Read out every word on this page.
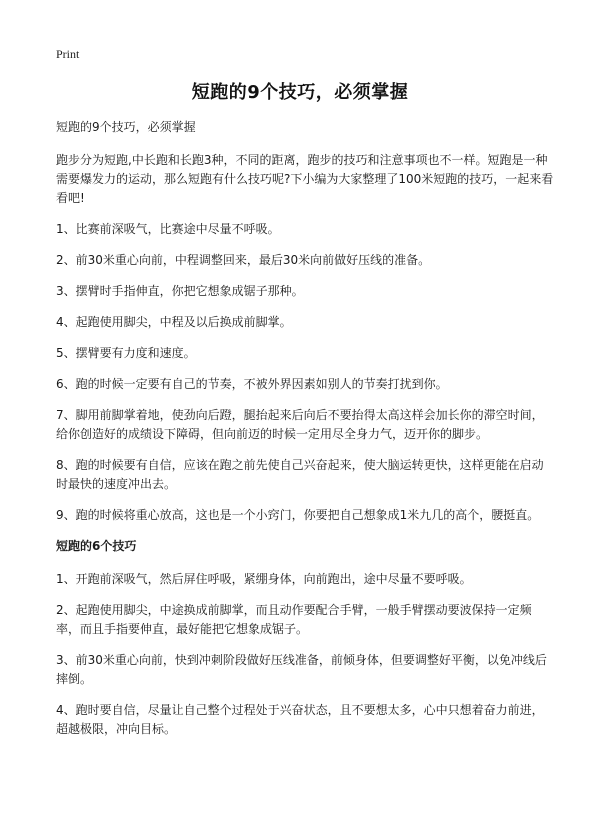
Print
短跑的9个技巧，必须掌握

短跑的9个技巧，必须掌握

跑步分为短跑,中长跑和长跑3种，不同的距离，跑步的技巧和注意事项也不一样。短跑是一种需要爆发力的运动，那么短跑有什么技巧呢?下小编为大家整理了100米短跑的技巧，一起来看看吧!

1、比赛前深吸气，比赛途中尽量不呼吸。

2、前30米重心向前，中程调整回来，最后30米向前做好压线的准备。

3、摆臂时手指伸直，你把它想象成锯子那种。

4、起跑使用脚尖，中程及以后换成前脚掌。

5、摆臂要有力度和速度。

6、跑的时候一定要有自己的节奏，不被外界因素如别人的节奏打扰到你。

7、脚用前脚掌着地，使劲向后蹬，腿抬起来后向后不要抬得太高这样会加长你的滞空时间，给你创造好的成绩设下障碍，但向前迈的时候一定用尽全身力气，迈开你的脚步。

8、跑的时候要有自信，应该在跑之前先使自己兴奋起来，使大脑运转更快，这样更能在启动时最快的速度冲出去。

9、跑的时候将重心放高，这也是一个小窍门，你要把自己想象成1米九几的高个，腰挺直。

短跑的6个技巧

1、开跑前深吸气，然后屏住呼吸，紧绷身体，向前跑出，途中尽量不要呼吸。

2、起跑使用脚尖，中途换成前脚掌，而且动作要配合手臂，一般手臂摆动要波保持一定频率，而且手指要伸直，最好能把它想象成锯子。

3、前30米重心向前，快到冲刺阶段做好压线准备，前倾身体，但要调整好平衡，以免冲线后摔倒。

4、跑时要自信，尽量让自己整个过程处于兴奋状态，且不要想太多，心中只想着奋力前进，超越极限，冲向目标。
